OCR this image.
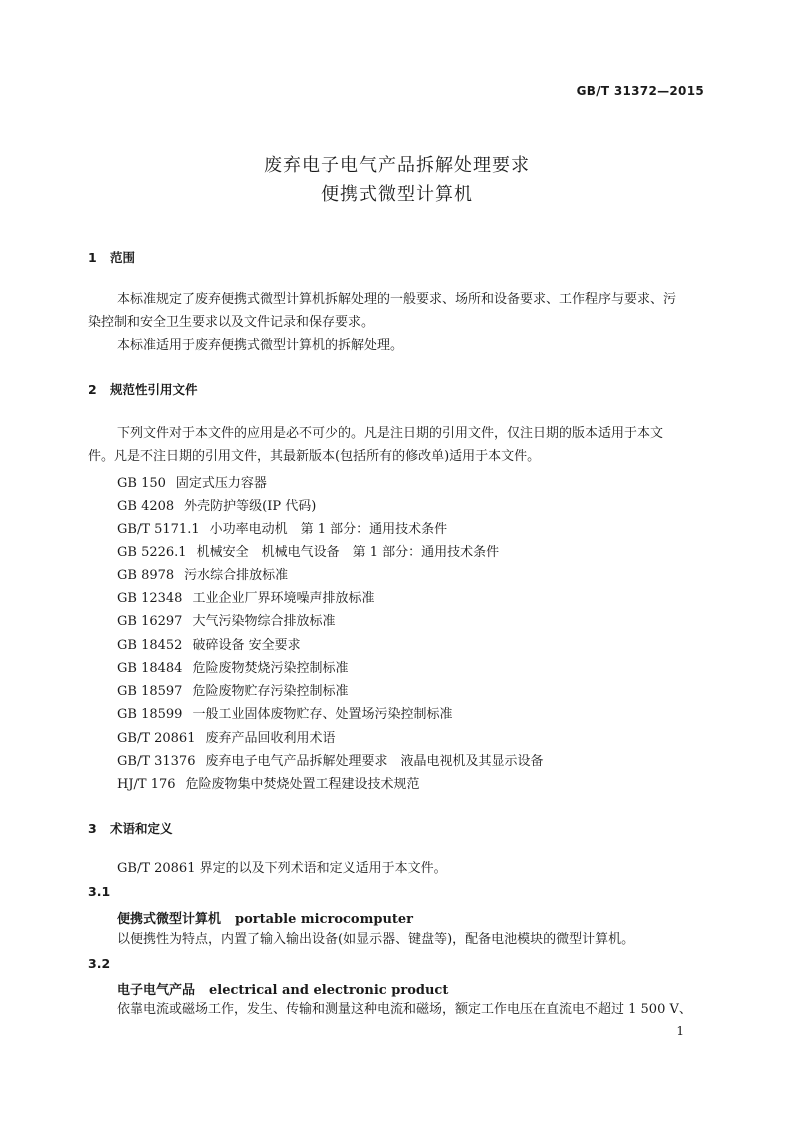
GB/T 31372—2015
废弃电子电气产品拆解处理要求
便携式微型计算机
1 范围
本标准规定了废弃便携式微型计算机拆解处理的一般要求、场所和设备要求、工作程序与要求、污
染控制和安全卫生要求以及文件记录和保存要求。
本标准适用于废弃便携式微型计算机的拆解处理。
2 规范性引用文件
下列文件对于本文件的应用是必不可少的。凡是注日期的引用文件，仅注日期的版本适用于本文
件。凡是不注日期的引用文件，其最新版本(包括所有的修改单)适用于本文件。
GB 150 固定式压力容器
GB 4208 外壳防护等级(IP 代码)
GB/T 5171.1 小功率电动机　第 1 部分：通用技术条件
GB 5226.1 机械安全　机械电气设备　第 1 部分：通用技术条件
GB 8978 污水综合排放标准
GB 12348 工业企业厂界环境噪声排放标准
GB 16297 大气污染物综合排放标准
GB 18452 破碎设备 安全要求
GB 18484 危险废物焚烧污染控制标准
GB 18597 危险废物贮存污染控制标准
GB 18599 一般工业固体废物贮存、处置场污染控制标准
GB/T 20861 废弃产品回收利用术语
GB/T 31376 废弃电子电气产品拆解处理要求　液晶电视机及其显示设备
HJ/T 176 危险废物集中焚烧处置工程建设技术规范
3 术语和定义
GB/T 20861 界定的以及下列术语和定义适用于本文件。
3.1
便携式微型计算机 portable microcomputer
以便携性为特点，内置了输入输出设备(如显示器、键盘等)，配备电池模块的微型计算机。
3.2
电子电气产品 electrical and electronic product
依靠电流或磁场工作，发生、传输和测量这种电流和磁场，额定工作电压在直流电不超过 1 500 V、
1
